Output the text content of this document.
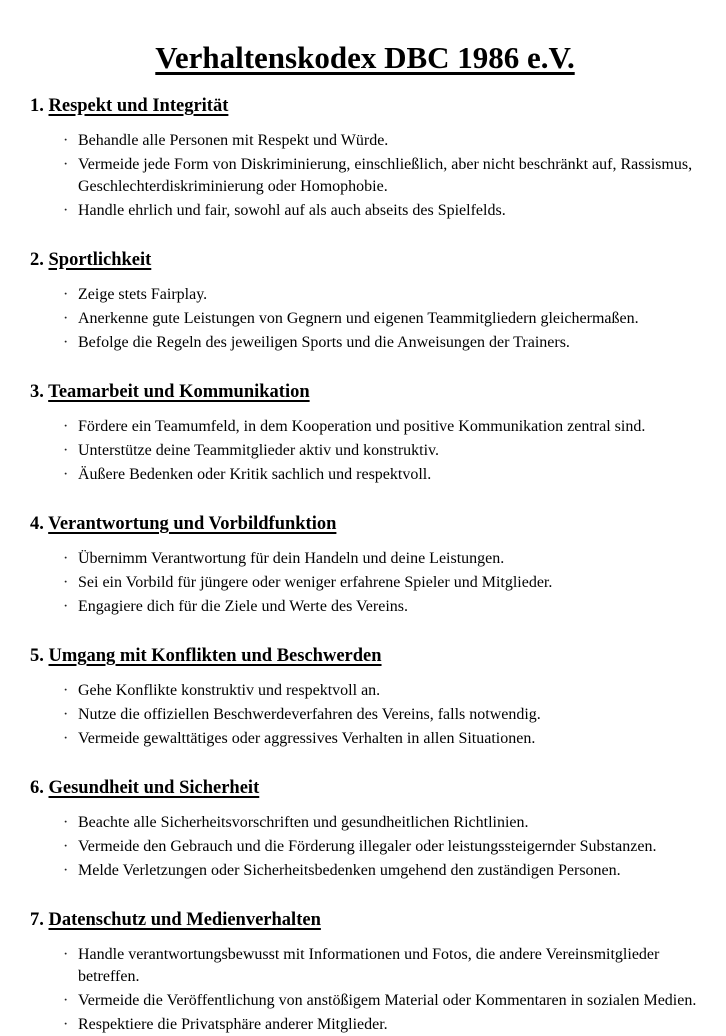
Verhaltenskodex DBC 1986 e.V.
1. Respekt und Integrität
·
Behandle alle Personen mit Respekt und Würde.
·
Vermeide jede Form von Diskriminierung, einschließlich, aber nicht beschränkt auf, Rassismus, Geschlechterdiskriminierung oder Homophobie.
·
Handle ehrlich und fair, sowohl auf als auch abseits des Spielfelds.
2. Sportlichkeit
·
Zeige stets Fairplay.
·
Anerkenne gute Leistungen von Gegnern und eigenen Teammitgliedern gleichermaßen.
·
Befolge die Regeln des jeweiligen Sports und die Anweisungen der Trainers.
3. Teamarbeit und Kommunikation
·
Fördere ein Teamumfeld, in dem Kooperation und positive Kommunikation zentral sind.
·
Unterstütze deine Teammitglieder aktiv und konstruktiv.
·
Äußere Bedenken oder Kritik sachlich und respektvoll.
4. Verantwortung und Vorbildfunktion
·
Übernimm Verantwortung für dein Handeln und deine Leistungen.
·
Sei ein Vorbild für jüngere oder weniger erfahrene Spieler und Mitglieder.
·
Engagiere dich für die Ziele und Werte des Vereins.
5. Umgang mit Konflikten und Beschwerden
·
Gehe Konflikte konstruktiv und respektvoll an.
·
Nutze die offiziellen Beschwerdeverfahren des Vereins, falls notwendig.
·
Vermeide gewalttätiges oder aggressives Verhalten in allen Situationen.
6. Gesundheit und Sicherheit
·
Beachte alle Sicherheitsvorschriften und gesundheitlichen Richtlinien.
·
Vermeide den Gebrauch und die Förderung illegaler oder leistungssteigernder Substanzen.
·
Melde Verletzungen oder Sicherheitsbedenken umgehend den zuständigen Personen.
7. Datenschutz und Medienverhalten
·
Handle verantwortungsbewusst mit Informationen und Fotos, die andere Vereinsmitglieder betreffen.
·
Vermeide die Veröffentlichung von anstößigem Material oder Kommentaren in sozialen Medien.
·
Respektiere die Privatsphäre anderer Mitglieder.
